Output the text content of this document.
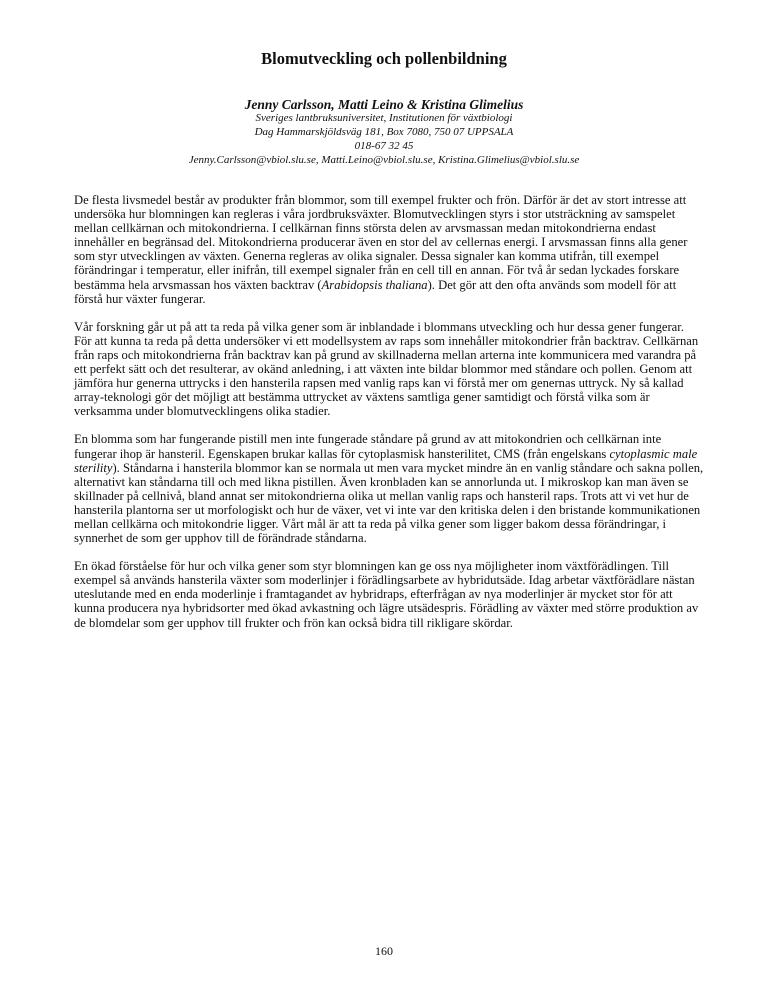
Blomutveckling och pollenbildning
Jenny Carlsson, Matti Leino & Kristina Glimelius
Sveriges lantbruksuniversitet, Institutionen för växtbiologi
Dag Hammarskjöldsväg 181, Box 7080, 750 07 UPPSALA
018-67 32 45
Jenny.Carlsson@vbiol.slu.se, Matti.Leino@vbiol.slu.se, Kristina.Glimelius@vbiol.slu.se

De flesta livsmedel består av produkter från blommor, som till exempel frukter och frön. Därför är det av stort intresse att undersöka hur blomningen kan regleras i våra jordbruksväxter. Blomutvecklingen styrs i stor utsträckning av samspelet mellan cellkärnan och mitokondrierna. I cellkärnan finns största delen av arvsmassan medan mitokondrierna endast innehåller en begränsad del. Mitokondrierna producerar även en stor del av cellernas energi. I arvsmassan finns alla gener som styr utvecklingen av växten. Generna regleras av olika signaler. Dessa signaler kan komma utifrån, till exempel förändringar i temperatur, eller inifrån, till exempel signaler från en cell till en annan. För två år sedan lyckades forskare bestämma hela arvsmassan hos växten backtrav (Arabidopsis thaliana). Det gör att den ofta används som modell för att förstå hur växter fungerar.

Vår forskning går ut på att ta reda på vilka gener som är inblandade i blommans utveckling och hur dessa gener fungerar. För att kunna ta reda på detta undersöker vi ett modellsystem av raps som innehåller mitokondrier från backtrav. Cellkärnan från raps och mitokondrierna från backtrav kan på grund av skillnaderna mellan arterna inte kommunicera med varandra på ett perfekt sätt och det resulterar, av okänd anledning, i att växten inte bildar blommor med ståndare och pollen. Genom att jämföra hur generna uttrycks i den hansterila rapsen med vanlig raps kan vi förstå mer om genernas uttryck. Ny så kallad array-teknologi gör det möjligt att bestämma uttrycket av växtens samtliga gener samtidigt och förstå vilka som är verksamma under blomutvecklingens olika stadier.

En blomma som har fungerande pistill men inte fungerade ståndare på grund av att mitokondrien och cellkärnan inte fungerar ihop är hansteril. Egenskapen brukar kallas för cytoplasmisk hansterilitet, CMS (från engelskans cytoplasmic male sterility). Ståndarna i hansterila blommor kan se normala ut men vara mycket mindre än en vanlig ståndare och sakna pollen, alternativt kan ståndarna till och med likna pistillen. Även kronbladen kan se annorlunda ut. I mikroskop kan man även se skillnader på cellnivå, bland annat ser mitokondrierna olika ut mellan vanlig raps och hansteril raps. Trots att vi vet hur de hansterila plantorna ser ut morfologiskt och hur de växer, vet vi inte var den kritiska delen i den bristande kommunikationen mellan cellkärna och mitokondrie ligger. Vårt mål är att ta reda på vilka gener som ligger bakom dessa förändringar, i synnerhet de som ger upphov till de förändrade ståndarna.

En ökad förståelse för hur och vilka gener som styr blomningen kan ge oss nya möjligheter inom växtförädlingen. Till exempel så används hansterila växter som moderlinjer i förädlingsarbete av hybridutsäde. Idag arbetar växtförädlare nästan uteslutande med en enda moderlinje i framtagandet av hybridraps, efterfrågan av nya moderlinjer är mycket stor för att kunna producera nya hybridsorter med ökad avkastning och lägre utsädespris. Förädling av växter med större produktion av de blomdelar som ger upphov till frukter och frön kan också bidra till rikligare skördar.

160
